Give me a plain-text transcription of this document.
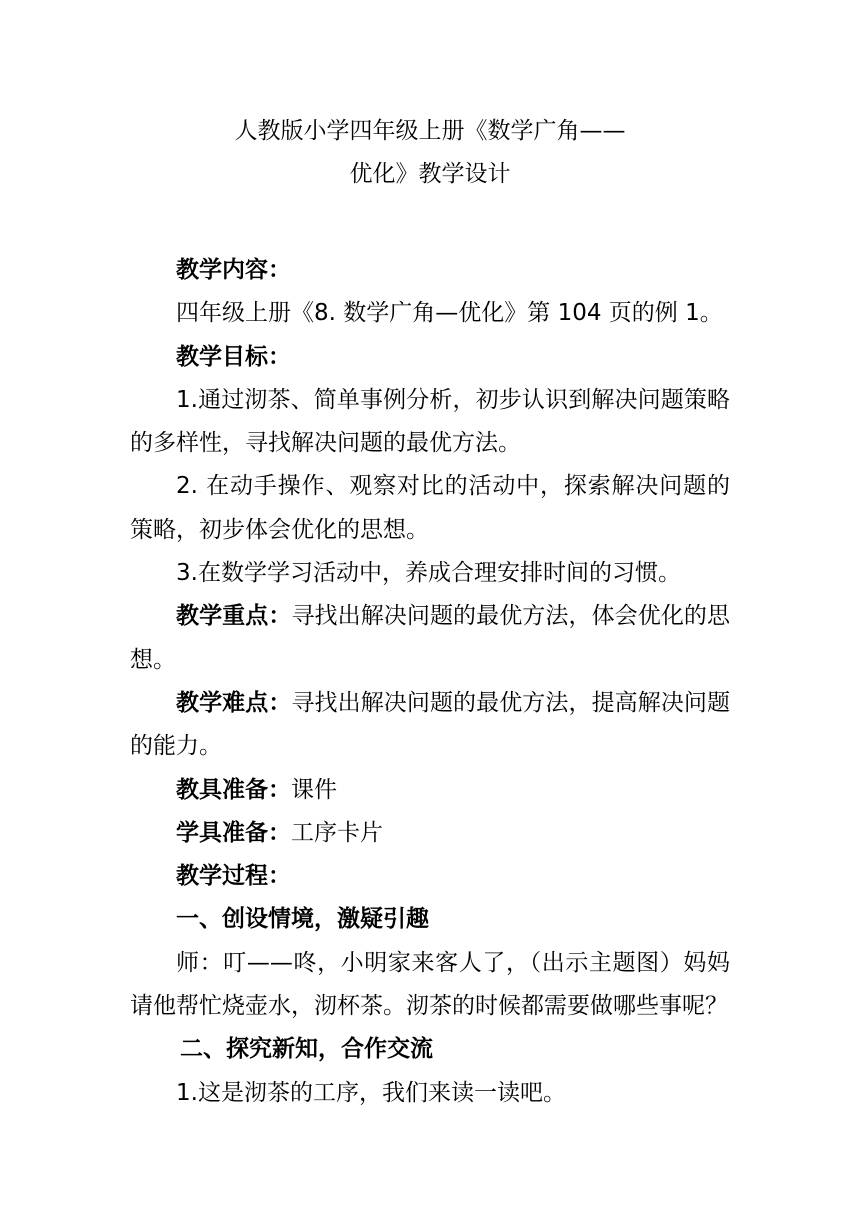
人教版小学四年级上册《数学广角——
优化》教学设计

教学内容：

四年级上册《8. 数学广角—优化》第 104 页的例 1。

教学目标：

1.通过沏茶、简单事例分析，初步认识到解决问题策略的多样性，寻找解决问题的最优方法。

2. 在动手操作、观察对比的活动中，探索解决问题的策略，初步体会优化的思想。

3.在数学学习活动中，养成合理安排时间的习惯。

教学重点：寻找出解决问题的最优方法，体会优化的思想。

教学难点：寻找出解决问题的最优方法，提高解决问题的能力。

教具准备：课件

学具准备：工序卡片

教学过程：

一、创设情境，激疑引趣

师：叮——咚，小明家来客人了，（出示主题图）妈妈请他帮忙烧壶水，沏杯茶。沏茶的时候都需要做哪些事呢？

二、探究新知，合作交流

1.这是沏茶的工序，我们来读一读吧。
